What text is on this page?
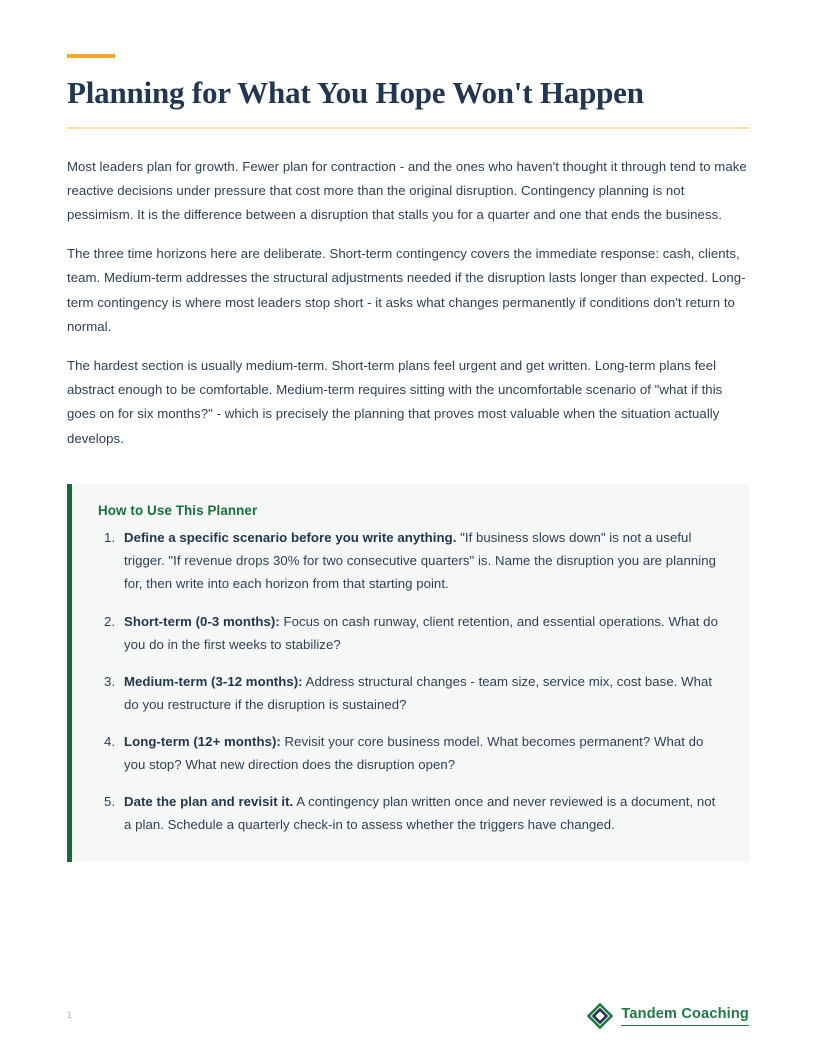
Planning for What You Hope Won't Happen

Most leaders plan for growth. Fewer plan for contraction - and the ones who haven't thought it through tend to make reactive decisions under pressure that cost more than the original disruption. Contingency planning is not pessimism. It is the difference between a disruption that stalls you for a quarter and one that ends the business.

The three time horizons here are deliberate. Short-term contingency covers the immediate response: cash, clients, team. Medium-term addresses the structural adjustments needed if the disruption lasts longer than expected. Long-term contingency is where most leaders stop short - it asks what changes permanently if conditions don't return to normal.

The hardest section is usually medium-term. Short-term plans feel urgent and get written. Long-term plans feel abstract enough to be comfortable. Medium-term requires sitting with the uncomfortable scenario of "what if this goes on for six months?" - which is precisely the planning that proves most valuable when the situation actually develops.

How to Use This Planner
1. Define a specific scenario before you write anything. "If business slows down" is not a useful trigger. "If revenue drops 30% for two consecutive quarters" is. Name the disruption you are planning for, then write into each horizon from that starting point.
2. Short-term (0-3 months): Focus on cash runway, client retention, and essential operations. What do you do in the first weeks to stabilize?
3. Medium-term (3-12 months): Address structural changes - team size, service mix, cost base. What do you restructure if the disruption is sustained?
4. Long-term (12+ months): Revisit your core business model. What becomes permanent? What do you stop? What new direction does the disruption open?
5. Date the plan and revisit it. A contingency plan written once and never reviewed is a document, not a plan. Schedule a quarterly check-in to assess whether the triggers have changed.
1	Tandem Coaching
